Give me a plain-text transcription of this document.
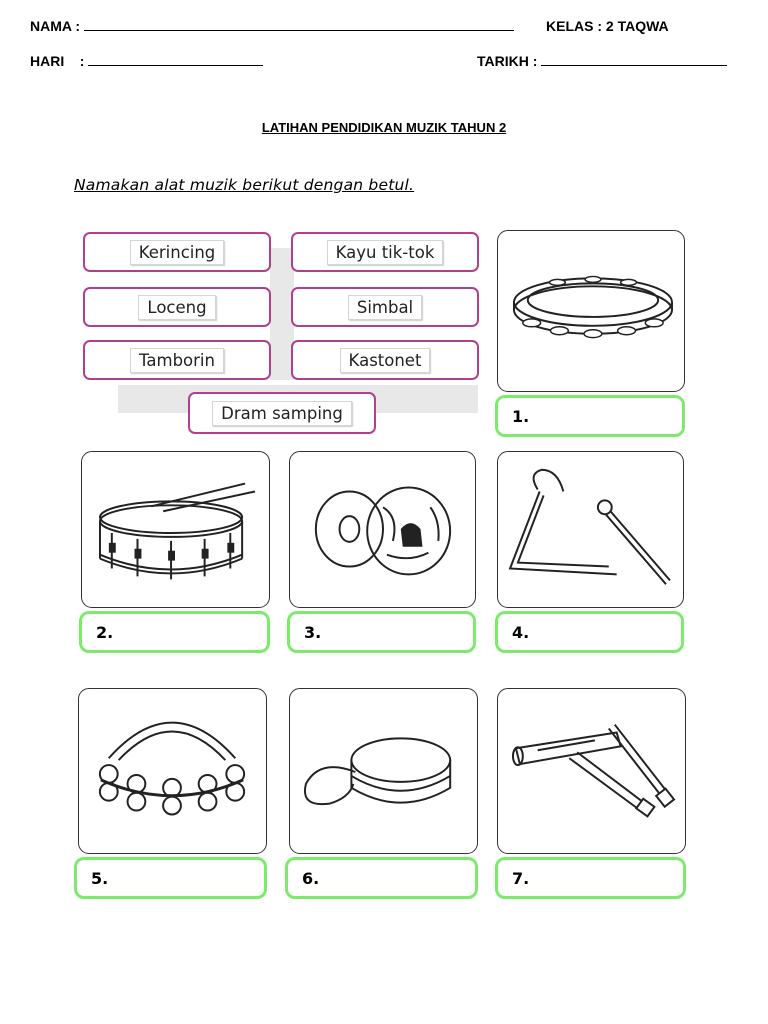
NAMA :	KELAS : 2 TAQWA
HARI    :	TARIKH :
LATIHAN PENDIDIKAN MUZIK TAHUN 2
Namakan alat muzik berikut dengan betul.
Kerincing	Kayu tik-tok
Loceng	Simbal
Tamborin	Kastonet
Dram samping	1.
2.	3.	4.
5.	6.	7.
